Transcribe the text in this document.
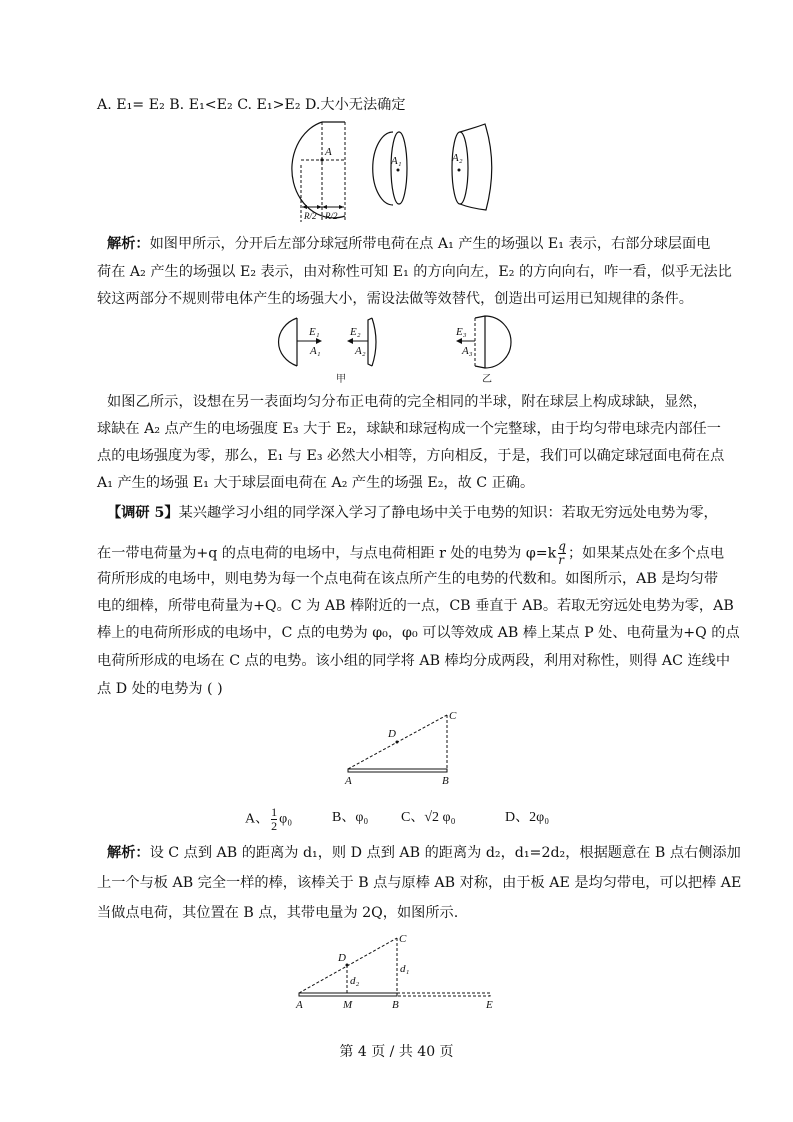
A. E₁= E₂ B. E₁<E₂ C. E₁>E₂ D.大小无法确定
A
A₁	A₂
R/2 R/2
解析：如图甲所示，分开后左部分球冠所带电荷在点 A₁ 产生的场强以 E₁ 表示，右部分球层面电
荷在 A₂ 产生的场强以 E₂ 表示，由对称性可知 E₁ 的方向向左，E₂ 的方向向右，咋一看，似乎无法比
较这两部分不规则带电体产生的场强大小，需设法做等效替代，创造出可运用已知规律的条件。
E₁
A₁
E₂
A₂
E₃
A₃
甲	乙
如图乙所示，设想在另一表面均匀分布正电荷的完全相同的半球，附在球层上构成球缺，显然，
球缺在 A₂ 点产生的电场强度 E₃ 大于 E₂，球缺和球冠构成一个完整球，由于均匀带电球壳内部任一
点的电场强度为零，那么，E₁ 与 E₃ 必然大小相等，方向相反，于是，我们可以确定球冠面电荷在点
A₁ 产生的场强 E₁ 大于球层面电荷在 A₂ 产生的场强 E₂，故 C 正确。
【调研 5】某兴趣学习小组的同学深入学习了静电场中关于电势的知识：若取无穷远处电势为零，
在一带电荷量为+q 的点电荷的电场中，与点电荷相距 r 处的电势为 $\varphi=k \frac{q}{r}$ ；如果某点处在多个点电
荷所形成的电场中，则电势为每一个点电荷在该点所产生的电势的代数和。如图所示，AB 是均匀带
电的细棒，所带电荷量为+Q。C 为 AB 棒附近的一点，CB 垂直于 AB。若取无穷远处电势为零，AB
棒上的电荷所形成的电场中，C 点的电势为 φ₀，φ₀ 可以等效成 AB 棒上某点 P 处、电荷量为+Q 的点
电荷所形成的电场在 C 点的电势。该小组的同学将 AB 棒均分成两段，利用对称性，则得 AC 连线中
点 D 处的电势为 ( )
A	B
C
D
A、 $\frac{1}{2} \varphi_0$	B、φ₀ C、√2 φ₀	D、2φ₀
解析：设 C 点到 AB 的距离为 d₁，则 D 点到 AB 的距离为 d₂，d₁=2d₂，根据题意在 B 点右侧添加
上一个与板 AB 完全一样的棒，该棒关于 B 点与原棒 AB 对称，由于板 AE 是均匀带电，可以把棒 AE
当做点电荷，其位置在 B 点，其带电量为 2Q，如图所示.
A	M	B	E
C
D
d₁
d₂
第 4 页 / 共 40 页
